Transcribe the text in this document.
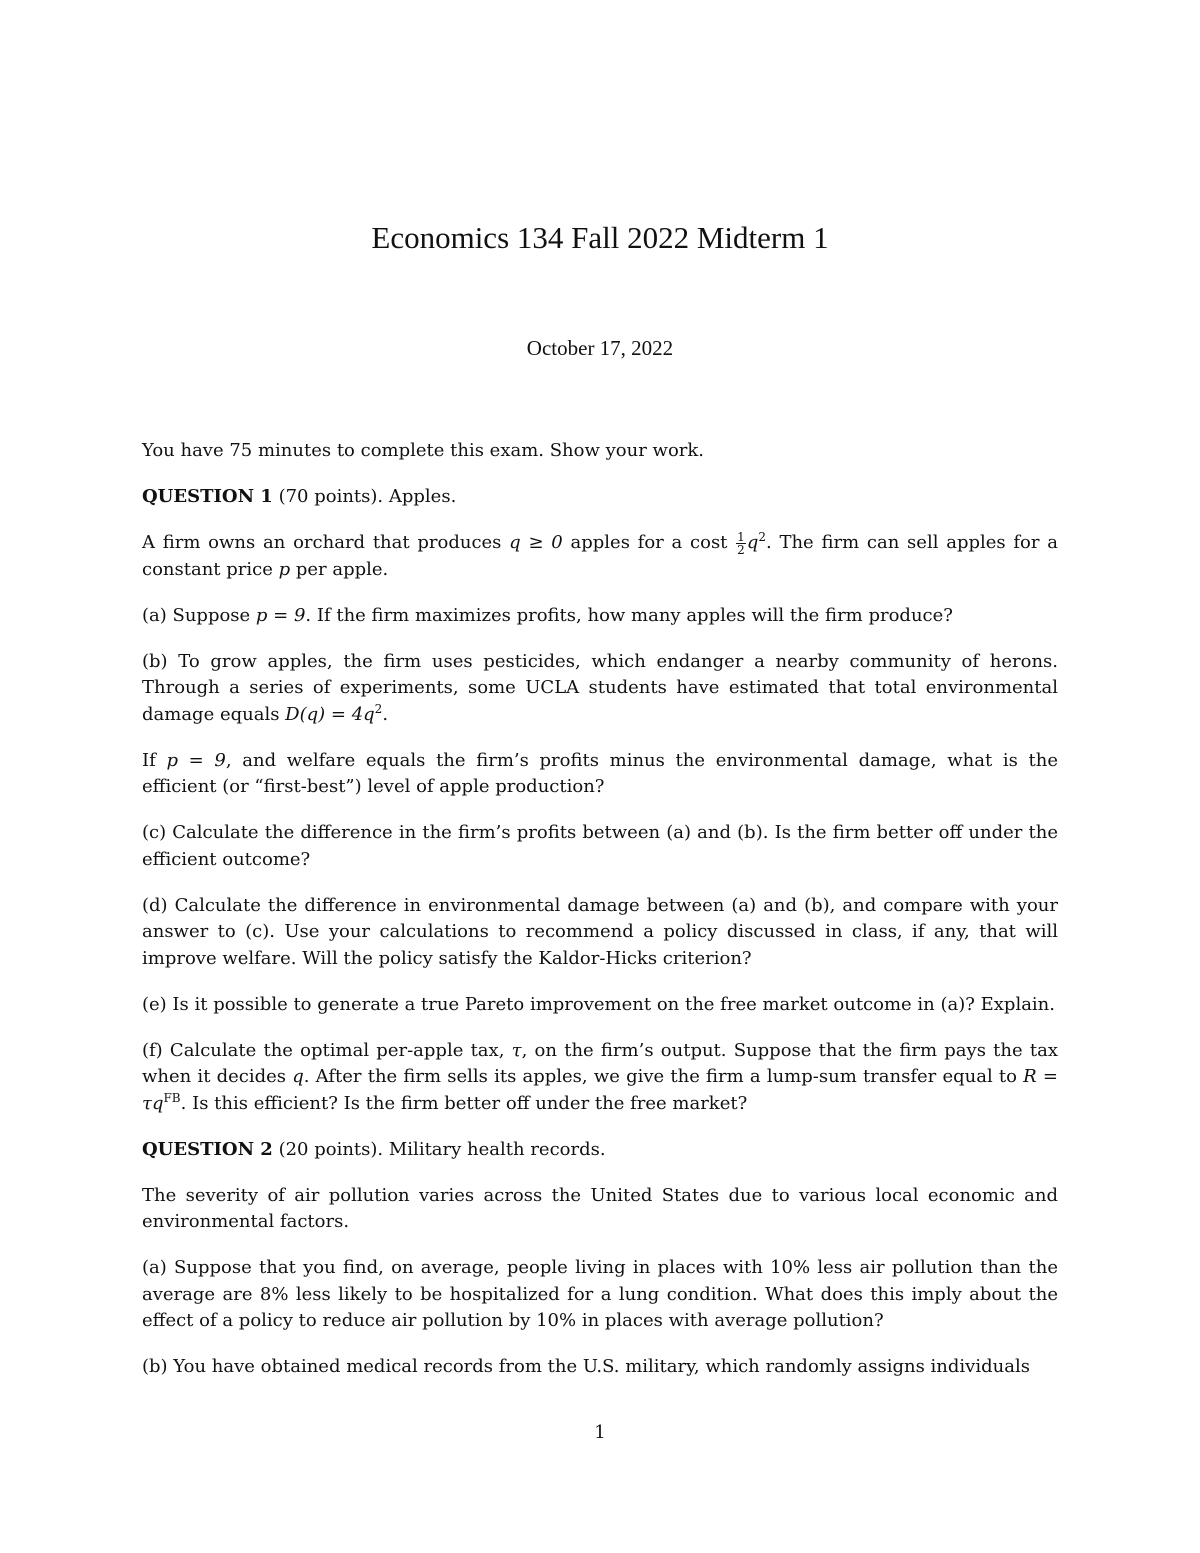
Economics 134 Fall 2022 Midterm 1
October 17, 2022

You have 75 minutes to complete this exam. Show your work.

QUESTION 1 (70 points). Apples.

A firm owns an orchard that produces q ≥ 0 apples for a cost $\frac{1}{2} q^2$. The firm can sell apples for a constant price p per apple.

(a) Suppose p = 9. If the firm maximizes profits, how many apples will the firm produce?

(b) To grow apples, the firm uses pesticides, which endanger a nearby community of herons. Through a series of experiments, some UCLA students have estimated that total environmental damage equals $D(q) = 4q^2$.

If p = 9, and welfare equals the firm’s profits minus the environmental damage, what is the efficient (or “first-best”) level of apple production?

(c) Calculate the difference in the firm’s profits between (a) and (b). Is the firm better off under the efficient outcome?

(d) Calculate the difference in environmental damage between (a) and (b), and compare with your answer to (c). Use your calculations to recommend a policy discussed in class, if any, that will improve welfare. Will the policy satisfy the Kaldor-Hicks criterion?

(e) Is it possible to generate a true Pareto improvement on the free market outcome in (a)? Explain.

(f) Calculate the optimal per-apple tax, τ, on the firm’s output. Suppose that the firm pays the tax when it decides q. After the firm sells its apples, we give the firm a lump-sum transfer equal to $R = \tau q^{FB}$. Is this efficient? Is the firm better off under the free market?

QUESTION 2 (20 points). Military health records.

The severity of air pollution varies across the United States due to various local economic and environmental factors.

(a) Suppose that you find, on average, people living in places with 10% less air pollution than the average are 8% less likely to be hospitalized for a lung condition. What does this imply about the effect of a policy to reduce air pollution by 10% in places with average pollution?

(b) You have obtained medical records from the U.S. military, which randomly assigns individuals

1
